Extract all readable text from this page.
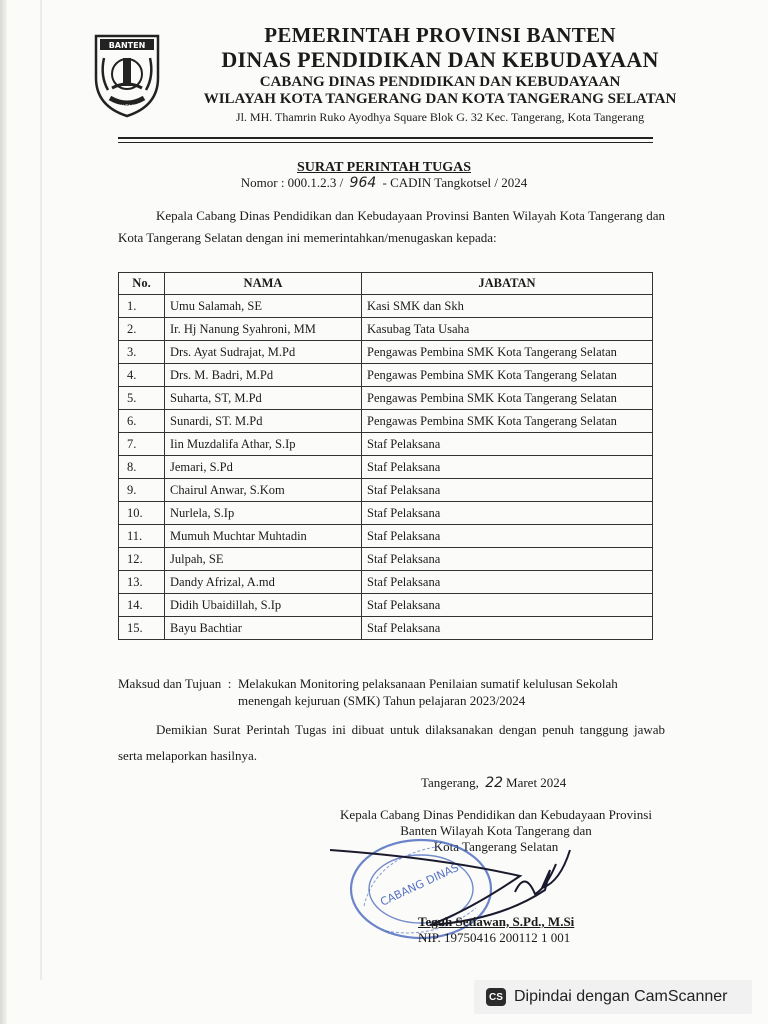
BANTEN
IMAN TAQWA
PEMERINTAH PROVINSI BANTEN
DINAS PENDIDIKAN DAN KEBUDAYAAN
CABANG DINAS PENDIDIKAN DAN KEBUDAYAAN
WILAYAH KOTA TANGERANG DAN KOTA TANGERANG SELATAN
Jl. MH. Thamrin Ruko Ayodhya Square Blok G. 32 Kec. Tangerang, Kota Tangerang
SURAT PERINTAH TUGAS
Nomor : 000.1.2.3 / 964 - CADIN Tangkotsel / 2024
Kepala Cabang Dinas Pendidikan dan Kebudayaan Provinsi Banten Wilayah Kota Tangerang dan Kota Tangerang Selatan dengan ini memerintahkan/menugaskan kepada:
No.	NAMA	JABATAN
1.	Umu Salamah, SE	Kasi SMK dan Skh
2.	Ir. Hj Nanung Syahroni, MM	Kasubag Tata Usaha
3.	Drs. Ayat Sudrajat, M.Pd	Pengawas Pembina SMK Kota Tangerang Selatan
4.	Drs. M. Badri, M.Pd	Pengawas Pembina SMK Kota Tangerang Selatan
5.	Suharta, ST, M.Pd	Pengawas Pembina SMK Kota Tangerang Selatan
6.	Sunardi, ST. M.Pd	Pengawas Pembina SMK Kota Tangerang Selatan
7.	Iin Muzdalifa Athar, S.Ip	Staf Pelaksana
8.	Jemari, S.Pd	Staf Pelaksana
9.	Chairul Anwar, S.Kom	Staf Pelaksana
10.	Nurlela, S.Ip	Staf Pelaksana
11.	Mumuh Muchtar Muhtadin	Staf Pelaksana
12.	Julpah, SE	Staf Pelaksana
13.	Dandy Afrizal, A.md	Staf Pelaksana
14.	Didih Ubaidillah, S.Ip	Staf Pelaksana
15.	Bayu Bachtiar	Staf Pelaksana
Maksud dan Tujuan : Melakukan Monitoring pelaksanaan Penilaian sumatif kelulusan Sekolah menengah kejuruan (SMK) Tahun pelajaran 2023/2024
Demikian Surat Perintah Tugas ini dibuat untuk dilaksanakan dengan penuh tanggung jawab serta melaporkan hasilnya.
Tangerang, 22 Maret 2024
Kepala Cabang Dinas Pendidikan dan Kebudayaan Provinsi
Banten Wilayah Kota Tangerang dan
Kota Tangerang Selatan
CABANG DINAS
Teguh Setiawan, S.Pd., M.Si
NIP. 19750416 200112 1 001
CS Dipindai dengan CamScanner
